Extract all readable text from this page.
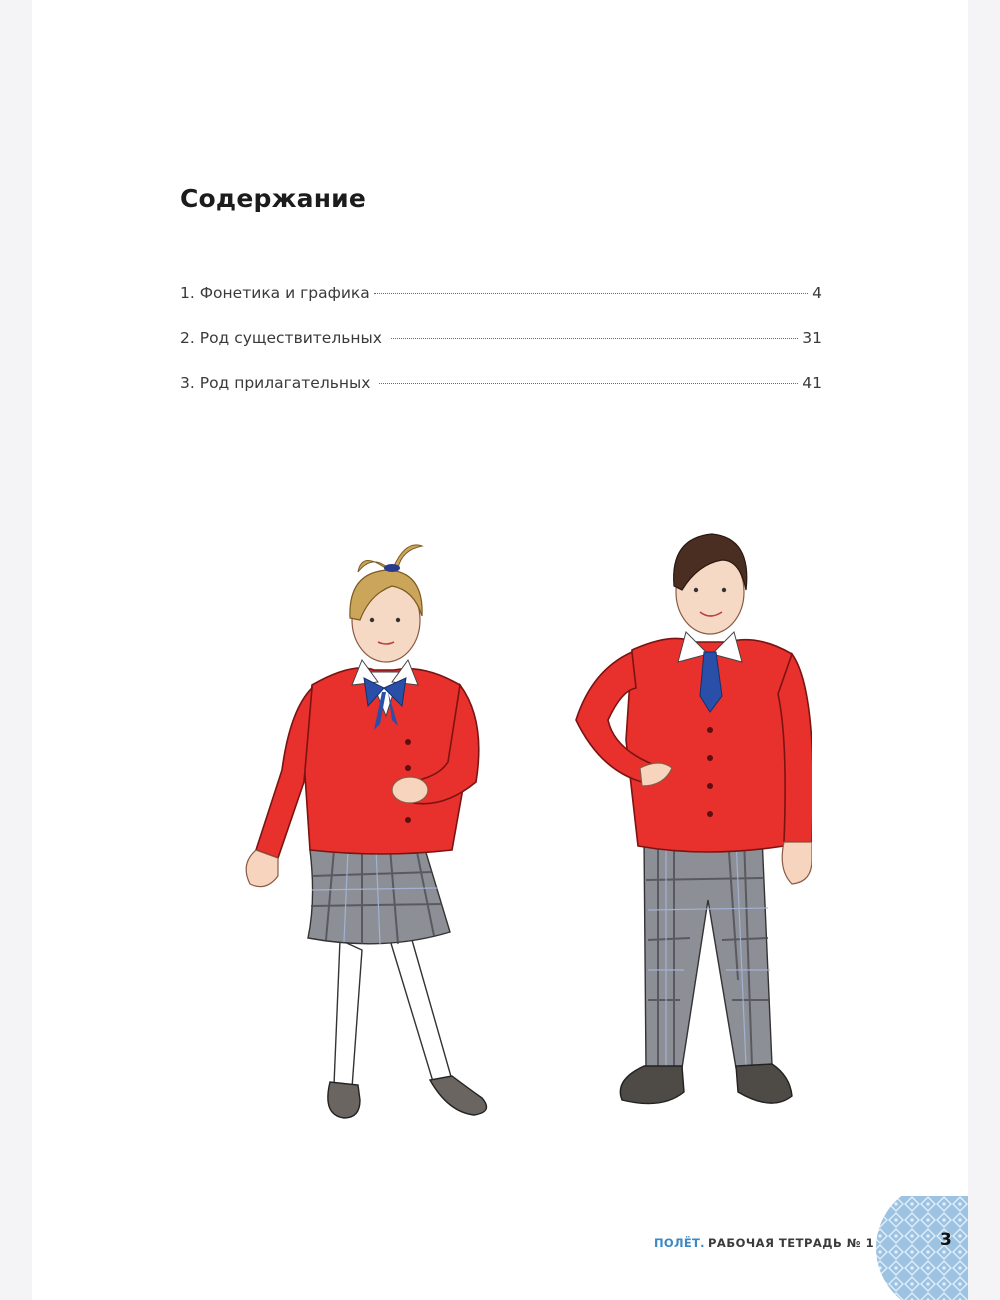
Содержание
1. Фонетика и графика	4
2. Род существительных	31
3. Род прилагательных	41
ПОЛЁТ. РАБОЧАЯ ТЕТРАДЬ № 1	3
